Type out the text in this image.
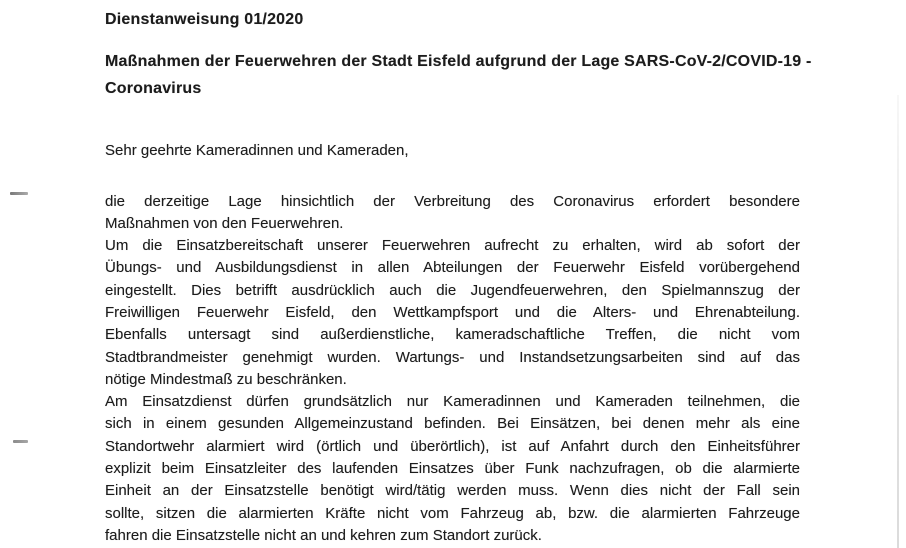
Dienstanweisung 01/2020
Maßnahmen der Feuerwehren der Stadt Eisfeld aufgrund der Lage SARS-CoV-2/COVID-19 -
Coronavirus
Sehr geehrte Kameradinnen und Kameraden,
die derzeitige Lage hinsichtlich der Verbreitung des Coronavirus erfordert besondere
Maßnahmen von den Feuerwehren.
Um die Einsatzbereitschaft unserer Feuerwehren aufrecht zu erhalten, wird ab sofort der
Übungs- und Ausbildungsdienst in allen Abteilungen der Feuerwehr Eisfeld vorübergehend
eingestellt. Dies betrifft ausdrücklich auch die Jugendfeuerwehren, den Spielmannszug der
Freiwilligen Feuerwehr Eisfeld, den Wettkampfsport und die Alters- und Ehrenabteilung.
Ebenfalls untersagt sind außerdienstliche, kameradschaftliche Treffen, die nicht vom
Stadtbrandmeister genehmigt wurden. Wartungs- und Instandsetzungsarbeiten sind auf das
nötige Mindestmaß zu beschränken.
Am Einsatzdienst dürfen grundsätzlich nur Kameradinnen und Kameraden teilnehmen, die
sich in einem gesunden Allgemeinzustand befinden. Bei Einsätzen, bei denen mehr als eine
Standortwehr alarmiert wird (örtlich und überörtlich), ist auf Anfahrt durch den Einheitsführer
explizit beim Einsatzleiter des laufenden Einsatzes über Funk nachzufragen, ob die alarmierte
Einheit an der Einsatzstelle benötigt wird/tätig werden muss. Wenn dies nicht der Fall sein
sollte, sitzen die alarmierten Kräfte nicht vom Fahrzeug ab, bzw. die alarmierten Fahrzeuge
fahren die Einsatzstelle nicht an und kehren zum Standort zurück.
